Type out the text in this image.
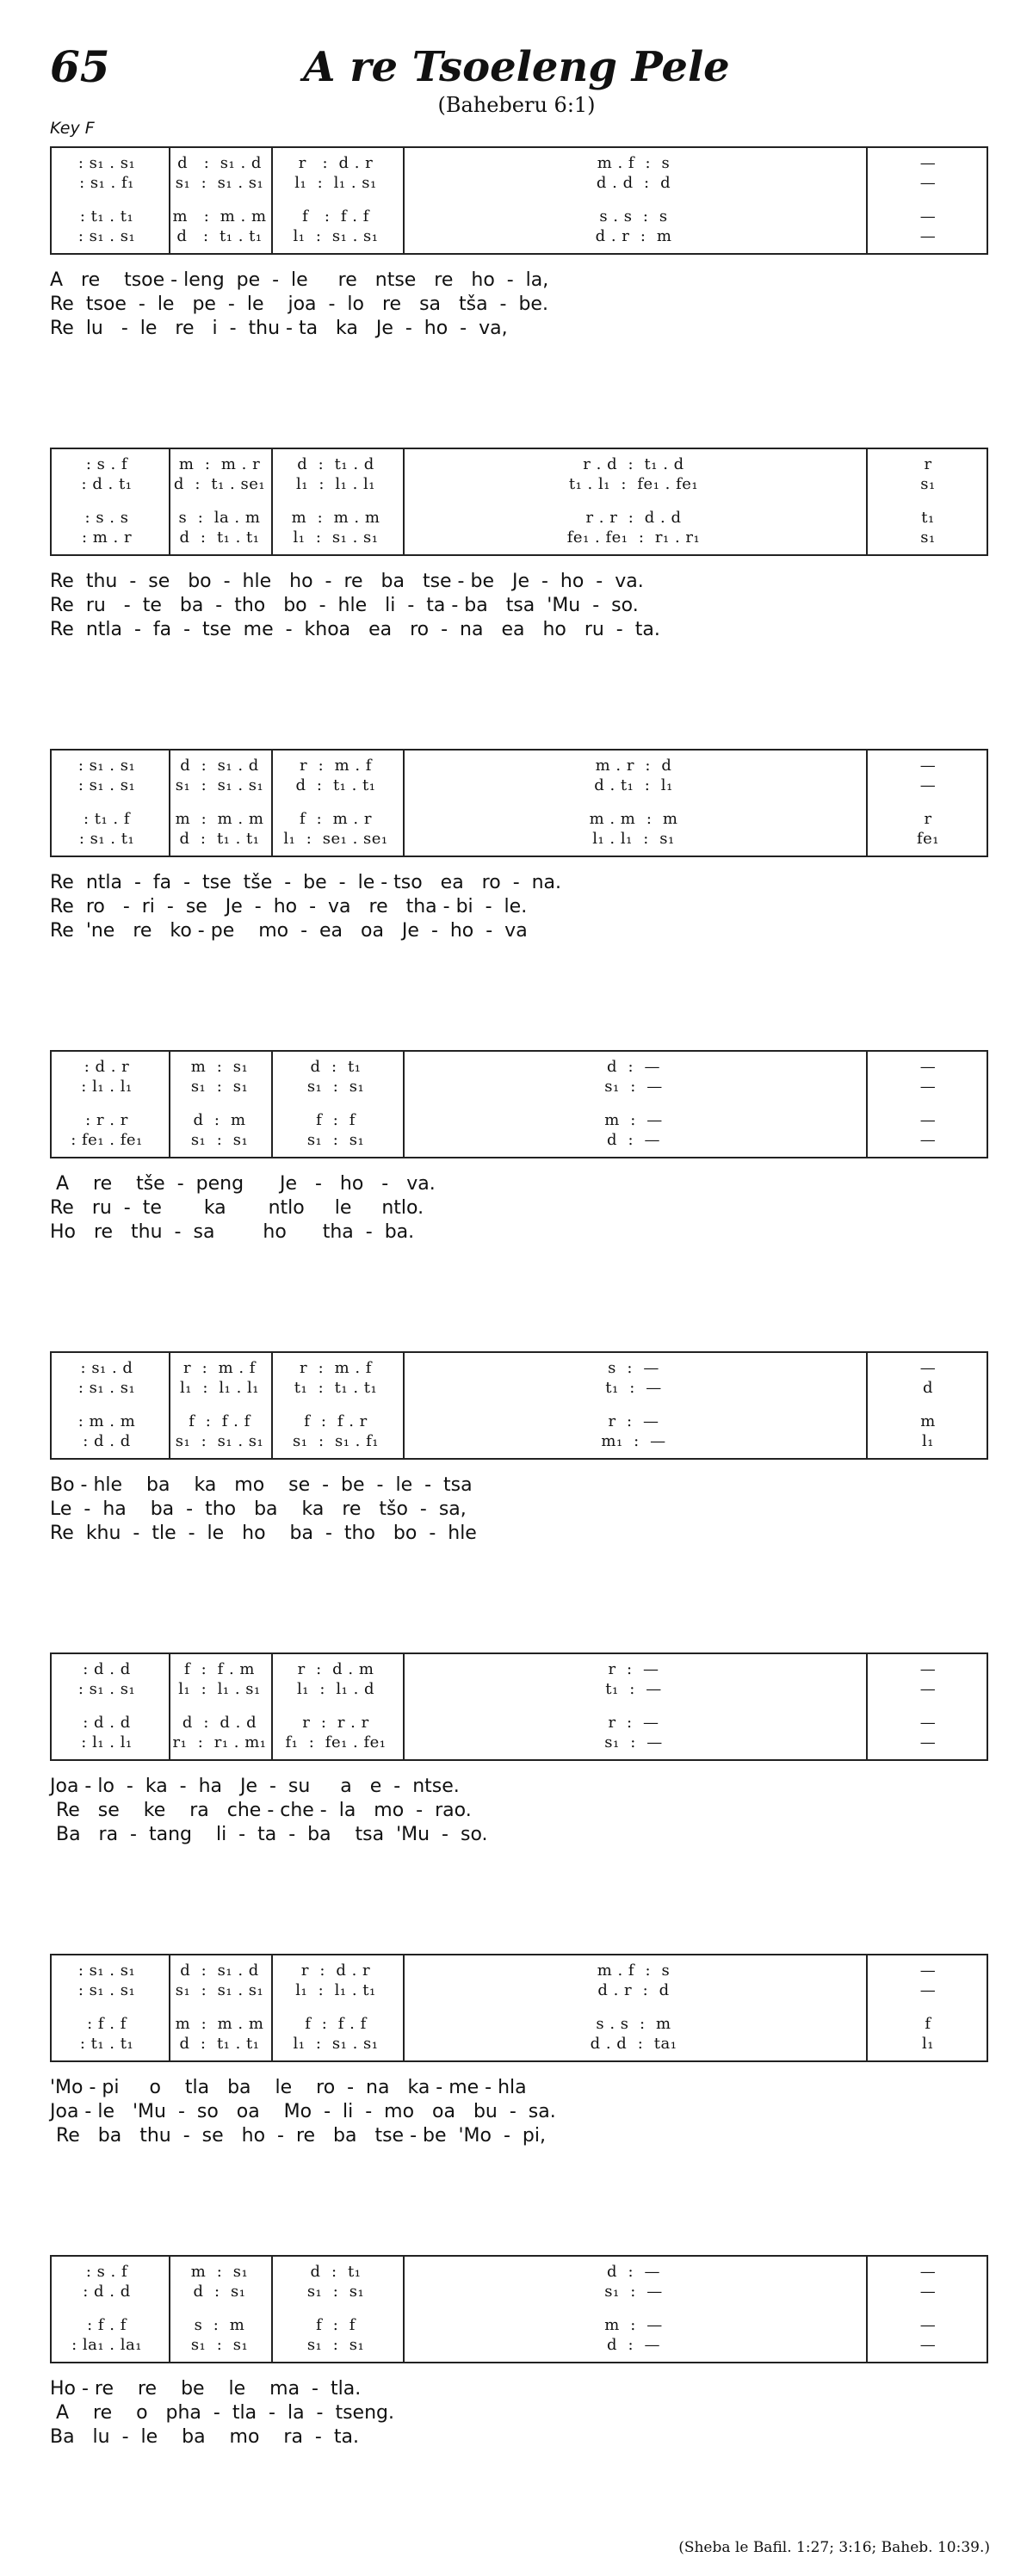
65	A re Tsoeleng Pele
(Baheberu 6:1)
Key F
: s₁ . s₁	d   :  s₁ . d	r   :  d . r	m . f  :  s	—
: s₁ . f₁	s₁  :  s₁ . s₁	l₁  :  l₁ . s₁	d . d  :  d	—
: t₁ . t₁	m   :  m . m	f   :  f . f	s . s  :  s	—
: s₁ . s₁	d   :  t₁ . t₁	l₁  :  s₁ . s₁	d . r  :  m	—
A   re    tsoe - leng  pe  -  le     re   ntse   re   ho  -  la,
Re  tsoe  -  le   pe  -  le    joa  -  lo   re   sa   tša  -  be.
Re  lu   -  le   re   i  -  thu - ta   ka   Je  -  ho  -  va,
: s . f	m  :  m . r	d  :  t₁ . d	r . d  :  t₁ . d	r
: d . t₁	d  :  t₁ . se₁	l₁  :  l₁ . l₁	t₁ . l₁  :  fe₁ . fe₁	s₁
: s . s	s  :  la . m	m  :  m . m	r . r  :  d . d	t₁
: m . r	d  :  t₁ . t₁	l₁  :  s₁ . s₁	fe₁ . fe₁  :  r₁ . r₁	s₁
Re  thu  -  se   bo  -  hle   ho  -  re   ba   tse - be   Je  -  ho  -  va.
Re  ru   -  te   ba  -  tho   bo  -  hle   li  -  ta - ba   tsa  'Mu  -  so.
Re  ntla  -  fa  -  tse  me  -  khoa   ea   ro  -  na   ea   ho   ru  -  ta.
: s₁ . s₁	d  :  s₁ . d	r  :  m . f	m . r  :  d	—
: s₁ . s₁	s₁  :  s₁ . s₁	d  :  t₁ . t₁	d . t₁  :  l₁	—
: t₁ . f	m  :  m . m	f  :  m . r	m . m  :  m	r
: s₁ . t₁	d  :  t₁ . t₁	l₁  :  se₁ . se₁	l₁ . l₁  :  s₁	fe₁
Re  ntla  -  fa  -  tse  tše  -  be  -  le - tso   ea   ro  -  na.
Re  ro   -  ri  -  se   Je  -  ho  -  va   re   tha - bi  -  le.
Re  'ne   re   ko - pe    mo  -  ea   oa   Je  -  ho  -  va
: d . r	m  :  s₁	d  :  t₁	d  :  —	—
: l₁ . l₁	s₁  :  s₁	s₁  :  s₁	s₁  :  —	—
: r . r	d  :  m	f  :  f	m  :  —	—
: fe₁ . fe₁	s₁  :  s₁	s₁  :  s₁	d  :  —	—
A    re    tše  -  peng      Je   -   ho   -   va.
Re   ru  -  te       ka       ntlo     le     ntlo.
Ho   re   thu  -  sa        ho      tha  -  ba.
: s₁ . d	r  :  m . f	r  :  m . f	s  :  —	—
: s₁ . s₁	l₁  :  l₁ . l₁	t₁  :  t₁ . t₁	t₁  :  —	d
: m . m	f  :  f . f	f  :  f . r	r  :  —	m
: d . d	s₁  :  s₁ . s₁	s₁  :  s₁ . f₁	m₁  :  —	l₁
Bo - hle    ba    ka   mo    se  -  be  -  le  -  tsa
Le  -  ha    ba  -  tho   ba    ka   re   tšo  -  sa,
Re  khu  -  tle  -  le   ho    ba  -  tho   bo  -  hle
: d . d	f  :  f . m	r  :  d . m	r  :  —	—
: s₁ . s₁	l₁  :  l₁ . s₁	l₁  :  l₁ . d	t₁  :  —	—
: d . d	d  :  d . d	r  :  r . r	r  :  —	—
: l₁ . l₁	r₁  :  r₁ . m₁	f₁  :  fe₁ . fe₁	s₁  :  —	—
Joa - lo  -  ka  -  ha   Je  -  su     a   e  -  ntse.
Re   se    ke    ra   che - che -  la   mo  -  rao.
Ba   ra  -  tang    li  -  ta  -  ba    tsa  'Mu  -  so.
: s₁ . s₁	d  :  s₁ . d	r  :  d . r	m . f  :  s	—
: s₁ . s₁	s₁  :  s₁ . s₁	l₁  :  l₁ . t₁	d . r  :  d	—
: f . f	m  :  m . m	f  :  f . f	s . s  :  m	f
: t₁ . t₁	d  :  t₁ . t₁	l₁  :  s₁ . s₁	d . d  :  ta₁	l₁
'Mo - pi     o    tla   ba    le    ro  -  na   ka - me - hla
Joa - le   'Mu  -  so   oa    Mo  -  li  -  mo   oa   bu  -  sa.
Re   ba   thu  -  se   ho  -  re   ba   tse - be  'Mo  -  pi,
: s . f	m  :  s₁	d  :  t₁	d  :  —	—
: d . d	d  :  s₁	s₁  :  s₁	s₁  :  —	—
: f . f	s  :  m	f  :  f	m  :  —	—
: la₁ . la₁	s₁  :  s₁	s₁  :  s₁	d  :  —	—
Ho - re    re    be    le    ma  -  tla.
A    re    o   pha  -  tla  -  la  -  tseng.
Ba   lu  -  le    ba    mo    ra  -  ta.
(Sheba le Bafil. 1:27; 3:16; Baheb. 10:39.)
